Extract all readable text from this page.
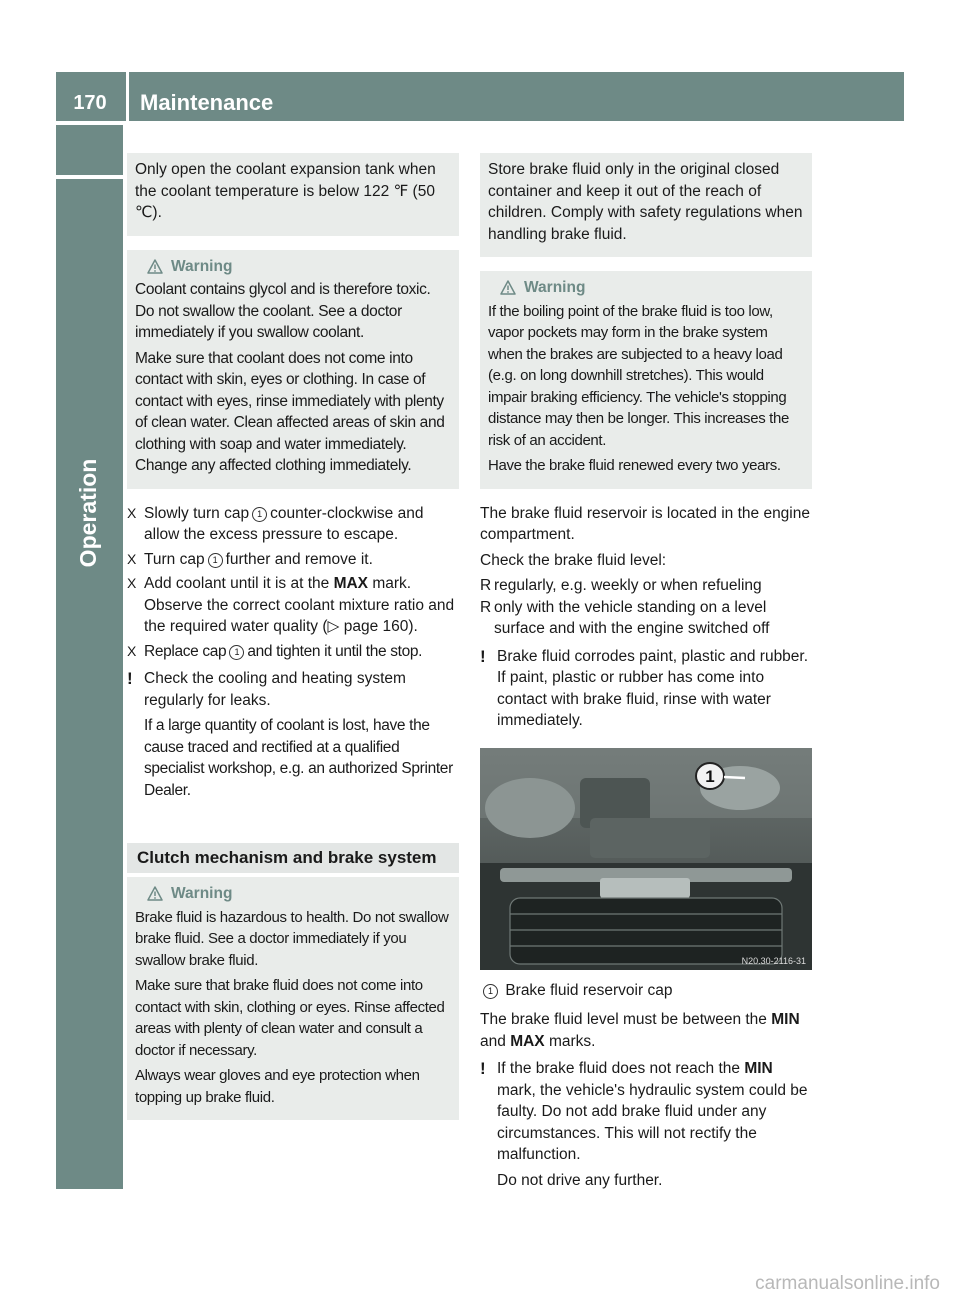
170	Maintenance
Operation

Only open the coolant expansion tank when the coolant temperature is below 122 ℉ (50 ℃).

Warning

Coolant contains glycol and is therefore toxic. Do not swallow the coolant. See a doctor immediately if you swallow coolant.

Make sure that coolant does not come into contact with skin, eyes or clothing. In case of contact with eyes, rinse immediately with plenty of clean water. Clean affected areas of skin and clothing with soap and water immediately. Change any affected clothing immediately.

X Slowly turn cap 1 counter-clockwise and allow the excess pressure to escape.
X Turn cap 1 further and remove it.
X Add coolant until it is at the MAX mark. Observe the correct coolant mixture ratio and the required water quality (▷ page 160).
X Replace cap 1 and tighten it until the stop.
! Check the cooling and heating system regularly for leaks.

If a large quantity of coolant is lost, have the cause traced and rectified at a qualified specialist workshop, e.g. an authorized Sprinter Dealer.

Clutch mechanism and brake system
Warning

Brake fluid is hazardous to health. Do not swallow brake fluid. See a doctor immediately if you swallow brake fluid.

Make sure that brake fluid does not come into contact with skin, clothing or eyes. Rinse affected areas with plenty of clean water and consult a doctor if necessary.

Always wear gloves and eye protection when topping up brake fluid.

Store brake fluid only in the original closed container and keep it out of the reach of children. Comply with safety regulations when handling brake fluid.

Warning

If the boiling point of the brake fluid is too low, vapor pockets may form in the brake system when the brakes are subjected to a heavy load (e.g. on long downhill stretches). This would impair braking efficiency. The vehicle's stopping distance may then be longer. This increases the risk of an accident.

Have the brake fluid renewed every two years.

The brake fluid reservoir is located in the engine compartment.

Check the brake fluid level:

R regularly, e.g. weekly or when refueling
R only with the vehicle standing on a level surface and with the engine switched off
! Brake fluid corrodes paint, plastic and rubber. If paint, plastic or rubber has come into contact with brake fluid, rinse with water immediately.

1
N20.30-2116-31

1 Brake fluid reservoir cap

The brake fluid level must be between the MIN and MAX marks.

! If the brake fluid does not reach the MIN mark, the vehicle's hydraulic system could be faulty. Do not add brake fluid under any circumstances. This will not rectify the malfunction.

Do not drive any further.

carmanualsonline.info
